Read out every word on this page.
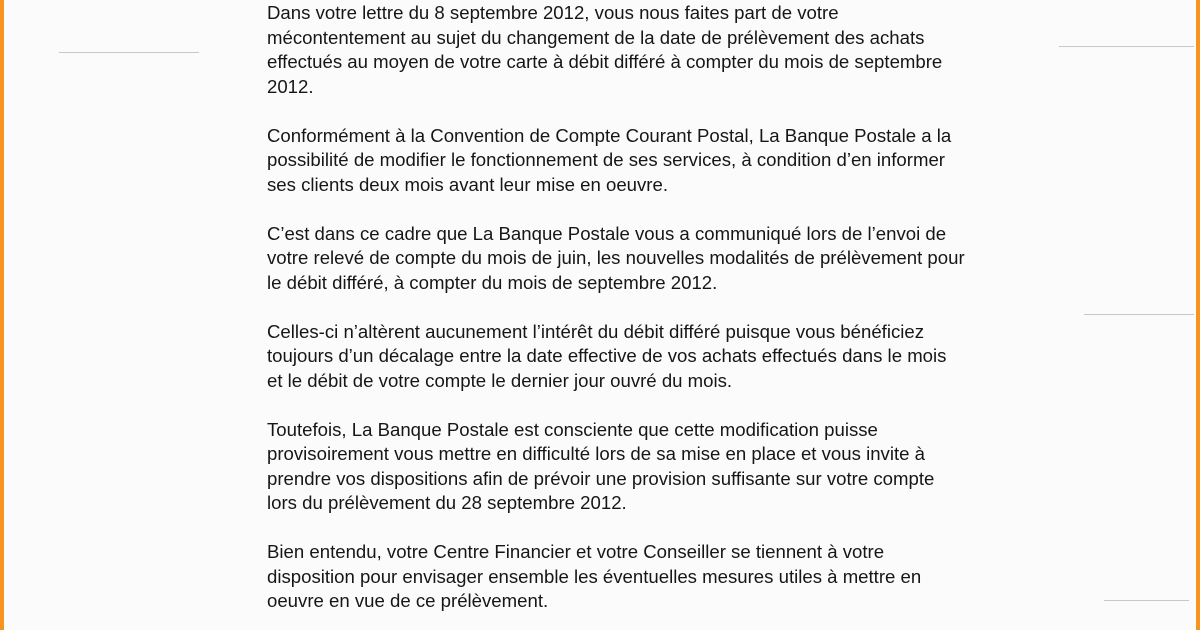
Dans votre lettre du 8 septembre 2012, vous nous faites part de votre
mécontentement au sujet du changement de la date de prélèvement des achats
effectués au moyen de votre carte à débit différé à compter du mois de septembre
2012.

Conformément à la Convention de Compte Courant Postal, La Banque Postale a la
possibilité de modifier le fonctionnement de ses services, à condition d’en informer
ses clients deux mois avant leur mise en oeuvre.

C’est dans ce cadre que La Banque Postale vous a communiqué lors de l’envoi de
votre relevé de compte du mois de juin, les nouvelles modalités de prélèvement pour
le débit différé, à compter du mois de septembre 2012.

Celles-ci n’altèrent aucunement l’intérêt du débit différé puisque vous bénéficiez
toujours d’un décalage entre la date effective de vos achats effectués dans le mois
et le débit de votre compte le dernier jour ouvré du mois.

Toutefois, La Banque Postale est consciente que cette modification puisse
provisoirement vous mettre en difficulté lors de sa mise en place et vous invite à
prendre vos dispositions afin de prévoir une provision suffisante sur votre compte
lors du prélèvement du 28 septembre 2012.

Bien entendu, votre Centre Financier et votre Conseiller se tiennent à votre
disposition pour envisager ensemble les éventuelles mesures utiles à mettre en
oeuvre en vue de ce prélèvement.
